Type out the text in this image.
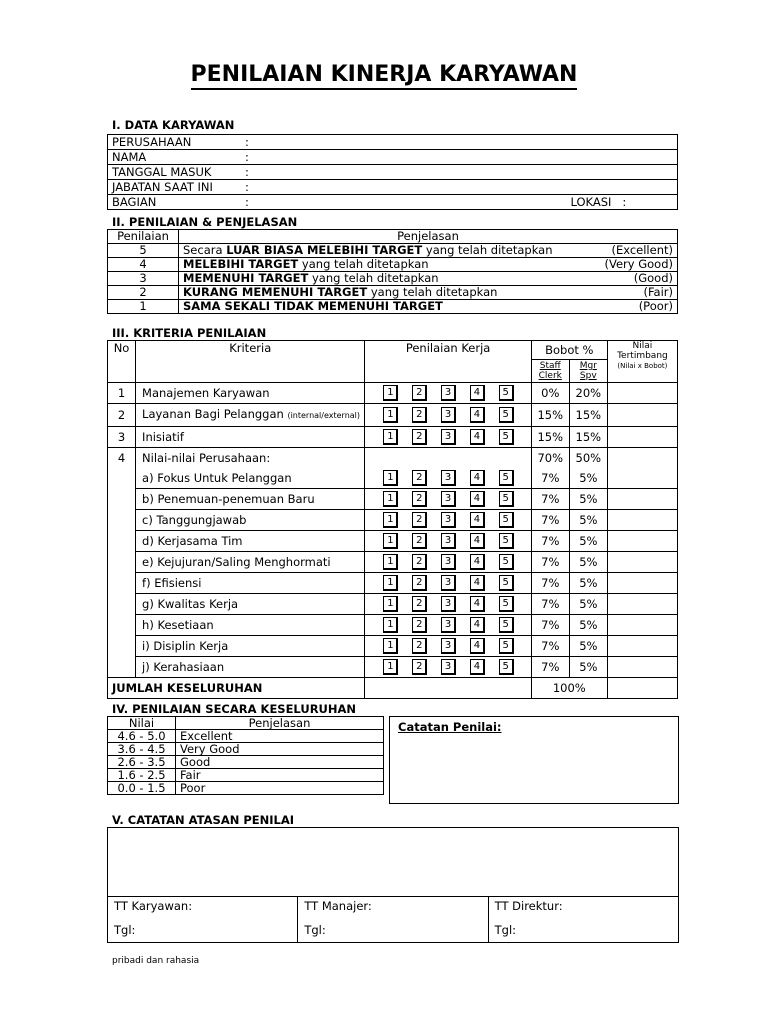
PENILAIAN KINERJA KARYAWAN
I. DATA KARYAWAN
PERUSAHAAN	:
NAMA	:
TANGGAL MASUK	:
JABATAN SAAT INI	:
BAGIAN	: LOKASI   :
II. PENILAIAN & PENJELASAN
Penilaian	Penjelasan
5	Secara LUAR BIASA MELEBIHI TARGET yang telah ditetapkan (Excellent)

4	MELEBIHI TARGET yang telah ditetapkan (Very Good)

3	MEMENUHI TARGET yang telah ditetapkan (Good)

2	KURANG MEMENUHI TARGET yang telah ditetapkan (Fair)

1	SAMA SEKALI TIDAK MEMENUHI TARGET (Poor)
III. KRITERIA PENILAIAN
No	Kriteria	Penilaian Kerja	Bobot %		Nilai Tertimbang
(Nilai x Bobot)

			Staff Clerk	Mgr Spv	
1	Manajemen Karyawan	1 2 3 4 5	0%	20%	
2	Layanan Bagi Pelanggan (internal/external)	1 2 3 4 5	15%	15%	
3	Inisiatif	1 2 3 4 5	15%	15%	
4	Nilai-nilai Perusahaan:		70%	50%	
	a) Fokus Untuk Pelanggan	1 2 3 4 5	7%	5%	
	b) Penemuan-penemuan Baru	1 2 3 4 5	7%	5%	
	c) Tanggungjawab	1 2 3 4 5	7%	5%	
	d) Kerjasama Tim	1 2 3 4 5	7%	5%	
	e) Kejujuran/Saling Menghormati	1 2 3 4 5	7%	5%	
	f) Efisiensi	1 2 3 4 5	7%	5%	
	g) Kwalitas Kerja	1 2 3 4 5	7%	5%	
	h) Kesetiaan	1 2 3 4 5	7%	5%	
	i) Disiplin Kerja	1 2 3 4 5	7%	5%	
	j) Kerahasiaan	1 2 3 4 5	7%	5%	
JUMLAH KESELURUHAN			100%		
IV. PENILAIAN SECARA KESELURUHAN
Nilai	Penjelasan
4.6 - 5.0	Excellent
3.6 - 4.5	Very Good
2.6 - 3.5	Good
1.6 - 2.5	Fair
0.0 - 1.5	Poor
Catatan Penilai:
V. CATATAN ATASAN PENILAI
TT Karyawan:
Tgl:
TT Manajer:
Tgl:
TT Direktur:
Tgl:
pribadi dan rahasia
